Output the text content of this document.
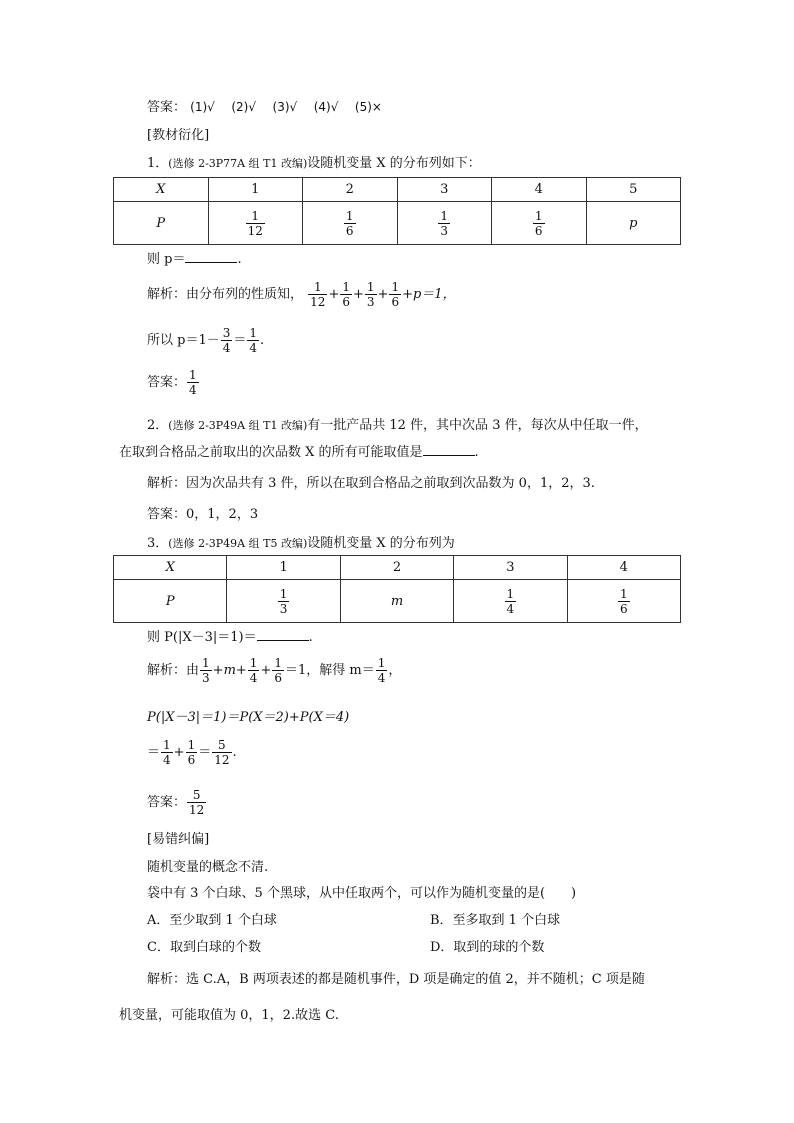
答案： (1)√ (2)√ (3)√ (4)√ (5)×
[教材衍化]
1．(选修 2-3P77A 组 T1 改编)设随机变量 X 的分布列如下：
X	1	2	3	4	5
P	$\frac{1}{12}$	$\frac{1}{6}$	$\frac{1}{3}$	$\frac{1}{6}$	p
则 p＝	.
解析：由分布列的性质知， $\frac{1}{12} + \frac{1}{6} + \frac{1}{3} + \frac{1}{6} +p=1$，
所以 $p=1- \frac{3}{4} = \frac{1}{4}$ .
答案： $\frac{1}{4}$
2．(选修 2-3P49A 组 T1 改编)有一批产品共 12 件，其中次品 3 件，每次从中任取一件，
在取到合格品之前取出的次品数 X 的所有可能取值是	.
解析：因为次品共有 3 件，所以在取到合格品之前取到次品数为 0，1，2，3.
答案：0，1，2，3
3．(选修 2-3P49A 组 T5 改编)设随机变量 X 的分布列为
X	1	2	3	4
P	$\frac{1}{3}$	m	$\frac{1}{4}$	$\frac{1}{6}$
则 P(|X－3|＝1)＝	.
解析：由 $\frac{1}{3} +m+ \frac{1}{4} + \frac{1}{6} =1$，解得 $m= \frac{1}{4}$ ，
P(|X－3|＝1)＝P(X＝2)+P(X＝4)
＝ $\frac{1}{4} + \frac{1}{6} = \frac{5}{12}$ .
答案： $\frac{5}{12}$
[易错纠偏]
随机变量的概念不清.
袋中有 3 个白球、5 个黑球，从中任取两个，可以作为随机变量的是(　　)
A．至少取到 1 个白球	B．至多取到 1 个白球
C．取到白球的个数	D．取到的球的个数
解析：选 C.A，B 两项表述的都是随机事件，D 项是确定的值 2，并不随机；C 项是随
机变量，可能取值为 0，1，2.故选 C.
